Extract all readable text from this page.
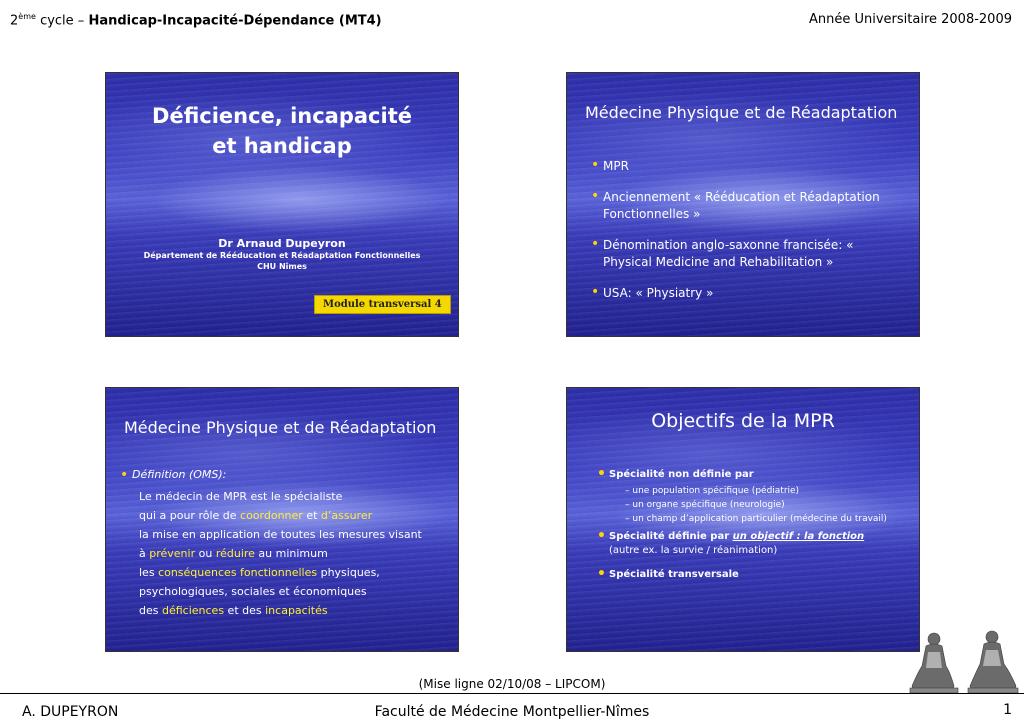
2ème cycle – Handicap-Incapacité-Dépendance (MT4)	Année Universitaire 2008-2009
Déficience, incapacité
et handicap
Dr Arnaud Dupeyron
Département de Rééducation et Réadaptation Fonctionnelles
CHU Nîmes
Module transversal 4
Médecine Physique et de Réadaptation
• MPR
• Anciennement « Rééducation et Réadaptation Fonctionnelles »
• Dénomination anglo-saxonne francisée: « Physical Medicine and Rehabilitation »
• USA: « Physiatry »
Médecine Physique et de Réadaptation
• Définition (OMS):
Le médecin de MPR est le spécialiste
qui a pour rôle de coordonner et d’assurer
la mise en application de toutes les mesures visant
à prévenir ou réduire au minimum
les conséquences fonctionnelles physiques,
psychologiques, sociales et économiques
des déficiences et des incapacités
Objectifs de la MPR
• Spécialité non définie par
– une population spécifique (pédiatrie)
– un organe spécifique (neurologie)
– un champ d’application particulier (médecine du travail)
• Spécialité définie par un objectif : la fonction
(autre ex. la survie / réanimation)
• Spécialité transversale
(Mise ligne 02/10/08 – LIPCOM)
A. DUPEYRON	Faculté de Médecine Montpellier-Nîmes	1
